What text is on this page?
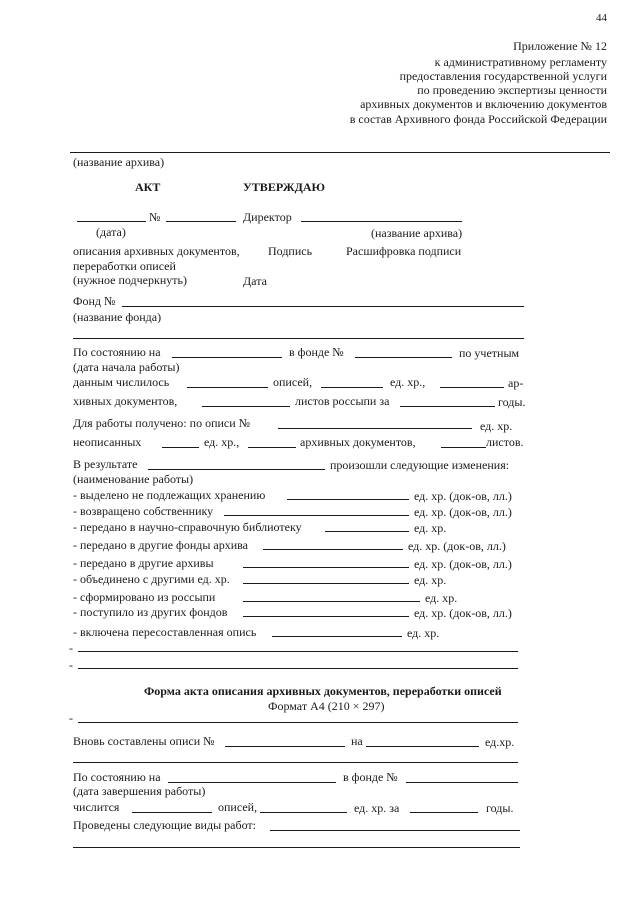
44
Приложение № 12
к административному регламенту
предоставления государственной услуги
по проведению экспертизы ценности
архивных документов и включению документов
в состав Архивного фонда Российской Федерации
(название архива)
АКТ	УТВЕРЖДАЮ
№	Директор
(дата)	(название архива)
описания архивных документов, Подпись	Расшифровка подписи
переработки описей
(нужное подчеркнуть)	Дата
Фонд №
(название фонда)
По состоянию на	в фонде №	по учетным
(дата начала работы)
данным числилось	описей,	ед. хр.,	ар-
хивных документов,	листов россыпи за	годы.
Для работы получено: по описи №	ед. хр.
неописанных	ед. хр.,	архивных документов,	листов.
В результате	произошли следующие изменения:
(наименование работы)
- выделено не подлежащих хранению	ед. хр. (док-ов, лл.)
- возвращено собственнику	ед. хр. (док-ов, лл.)
- передано в научно-справочную библиотеку	ед. хр.
- передано в другие фонды архива	ед. хр. (док-ов, лл.)
- передано в другие архивы	ед. хр. (док-ов, лл.)
- объединено с другими ед. хр.	ед. хр.
- сформировано из россыпи	ед. хр.
- поступило из других фондов	ед. хр. (док-ов, лл.)
- включена пересоставленная опись	ед. хр.
-
-
Форма акта описания архивных документов, переработки описей
Формат А4 (210 × 297)
-
Вновь составлены описи №	на	ед.хр.
По состоянию на	в фонде №
(дата завершения работы)
числится	описей,	ед. хр. за	годы.
Проведены следующие виды работ:
